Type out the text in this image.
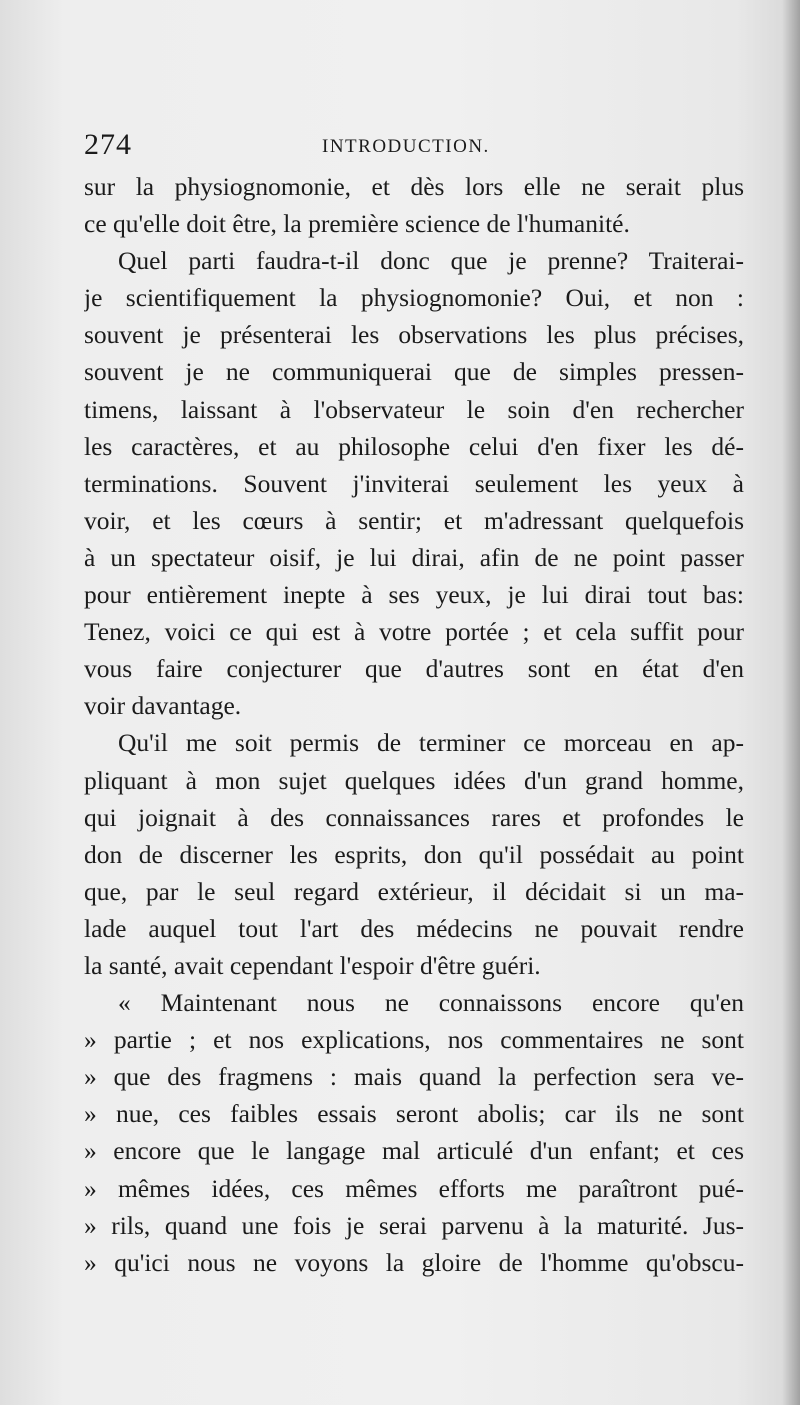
274	INTRODUCTION.
sur la physiognomonie, et dès lors elle ne serait plus
ce qu'elle doit être, la première science de l'humanité.
Quel parti faudra-t-il donc que je prenne? Traiterai-
je scientifiquement la physiognomonie? Oui, et non :
souvent je présenterai les observations les plus précises,
souvent je ne communiquerai que de simples pressen-
timens, laissant à l'observateur le soin d'en rechercher
les caractères, et au philosophe celui d'en fixer les dé-
terminations. Souvent j'inviterai seulement les yeux à
voir, et les cœurs à sentir; et m'adressant quelquefois
à un spectateur oisif, je lui dirai, afin de ne point passer
pour entièrement inepte à ses yeux, je lui dirai tout bas:
Tenez, voici ce qui est à votre portée ; et cela suffit pour
vous faire conjecturer que d'autres sont en état d'en
voir davantage.
Qu'il me soit permis de terminer ce morceau en ap-
pliquant à mon sujet quelques idées d'un grand homme,
qui joignait à des connaissances rares et profondes le
don de discerner les esprits, don qu'il possédait au point
que, par le seul regard extérieur, il décidait si un ma-
lade auquel tout l'art des médecins ne pouvait rendre
la santé, avait cependant l'espoir d'être guéri.
« Maintenant nous ne connaissons encore qu'en
» partie ; et nos explications, nos commentaires ne sont
» que des fragmens : mais quand la perfection sera ve-
» nue, ces faibles essais seront abolis; car ils ne sont
» encore que le langage mal articulé d'un enfant; et ces
» mêmes idées, ces mêmes efforts me paraîtront pué-
» rils, quand une fois je serai parvenu à la maturité. Jus-
» qu'ici nous ne voyons la gloire de l'homme qu'obscu-
